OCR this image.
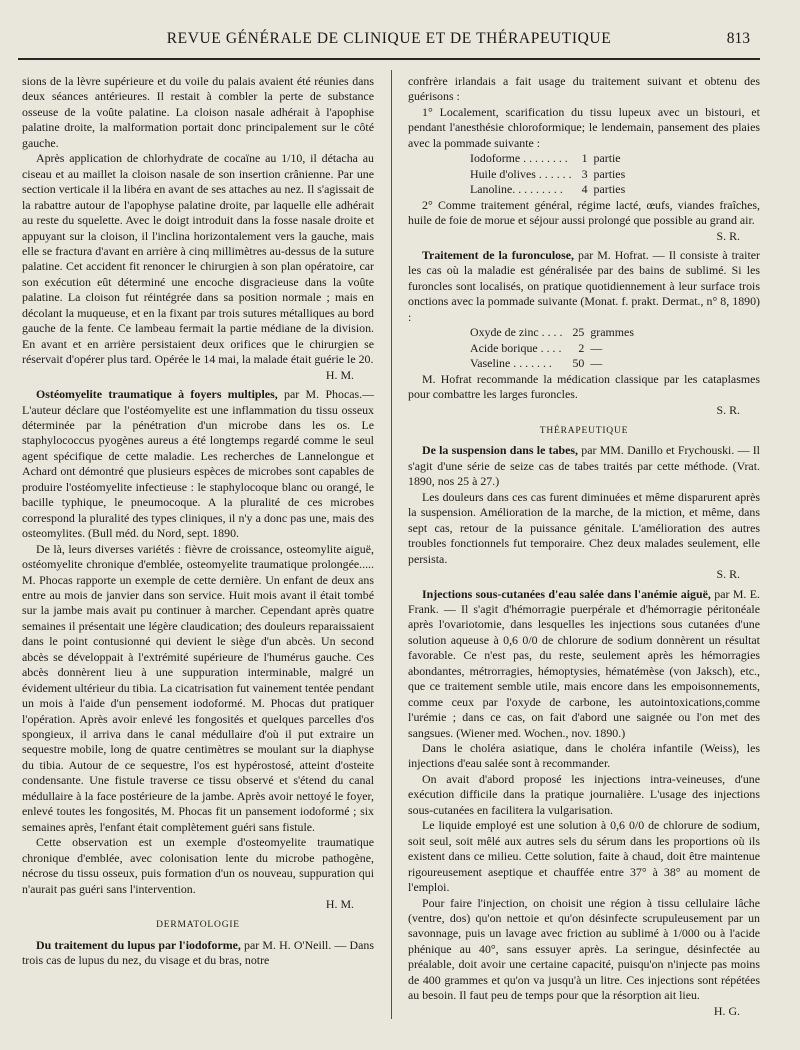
REVUE GÉNÉRALE DE CLINIQUE ET DE THÉRAPEUTIQUE	813

sions de la lèvre supérieure et du voile du palais avaient été réunies dans deux séances antérieures. Il restait à combler la perte de substance osseuse de la voûte palatine. La cloison nasale adhérait à l'apophise palatine droite, la malformation portait donc principalement sur le côté gauche.

Après application de chlorhydrate de cocaïne au 1/10, il détacha au ciseau et au maillet la cloison nasale de son insertion crânienne. Par une section verticale il la libéra en avant de ses attaches au nez. Il s'agissait de la rabattre autour de l'apophyse palatine droite, par laquelle elle adhérait au reste du squelette. Avec le doigt introduit dans la fosse nasale droite et appuyant sur la cloison, il l'inclina horizontalement vers la gauche, mais elle se fractura d'avant en arrière à cinq millimètres au-dessus de la suture palatine. Cet accident fit renoncer le chirurgien à son plan opératoire, car son exécution eût déterminé une encoche disgracieuse dans la voûte palatine. La cloison fut réintégrée dans sa position normale ; mais en décolant la muqueuse, et en la fixant par trois sutures métalliques au bord gauche de la fente. Ce lambeau fermait la partie médiane de la division. En avant et en arrière persistaient deux orifices que le chirurgien se réservait d'opérer plus tard. Opérée le 14 mai, la malade était guérie le 20.
H. M.

Ostéomyelite traumatique à foyers multiples, par M. Phocas.— L'auteur déclare que l'ostéomyelite est une inflammation du tissu osseux déterminée par la pénétration d'un microbe dans les os. Le staphylococcus pyogènes aureus a été longtemps regardé comme le seul agent spécifique de cette maladie. Les recherches de Lannelongue et Achard ont démontré que plusieurs espèces de microbes sont capables de produire l'ostéomyelite infectieuse : le staphylocoque blanc ou orangé, le bacille typhique, le pneumocoque. A la pluralité de ces microbes correspond la pluralité des types cliniques, il n'y a donc pas une, mais des osteomylites. (Bull méd. du Nord, sept. 1890.

De là, leurs diverses variétés : fièvre de croissance, osteomylite aiguë, ostéomyelite chronique d'emblée, osteomyelite traumatique prolongée..... M. Phocas rapporte un exemple de cette dernière. Un enfant de deux ans entre au mois de janvier dans son service. Huit mois avant il était tombé sur la jambe mais avait pu continuer à marcher. Cependant après quatre semaines il présentait une légère claudication; des douleurs reparaissaient dans le point contusionné qui devient le siège d'un abcès. Un second abcès se développait à l'extrémité supérieure de l'humérus gauche. Ces abcès donnèrent lieu à une suppuration interminable, malgré un évidement ultérieur du tibia. La cicatrisation fut vainement tentée pendant un mois à l'aide d'un pensement iodoformé. M. Phocas dut pratiquer l'opération. Après avoir enlevé les fongosités et quelques parcelles d'os spongieux, il arriva dans le canal médullaire d'où il put extraire un sequestre mobile, long de quatre centimètres se moulant sur la diaphyse du tibia. Autour de ce sequestre, l'os est hypérostosé, atteint d'osteite condensante. Une fistule traverse ce tissu observé et s'étend du canal médullaire à la face postérieure de la jambe. Après avoir nettoyé le foyer, enlevé toutes les fongosités, M. Phocas fit un pansement iodoformé ; six semaines après, l'enfant était complètement guéri sans fistule.

Cette observation est un exemple d'osteomyelite traumatique chronique d'emblée, avec colonisation lente du microbe pathogène, nécrose du tissu osseux, puis formation d'un os nouveau, suppuration qui n'aurait pas guéri sans l'intervention.

H. M.
DERMATOLOGIE

Du traitement du lupus par l'iodoforme, par M. H. O'Neill. — Dans trois cas de lupus du nez, du visage et du bras, notre

confrère irlandais a fait usage du traitement suivant et obtenu des guérisons :

1° Localement, scarification du tissu lupeux avec un bistouri, et pendant l'anesthésie chloroformique; le lendemain, pansement des plaies avec la pommade suivante :

Iodoforme . . . . . . . .	1	partie
Huile d'olives . . . . . .	3	parties
Lanoline. . . . . . . . .	4	parties

2° Comme traitement général, régime lacté, œufs, viandes fraîches, huile de foie de morue et séjour aussi prolongé que possible au grand air.
S. R.

Traitement de la furonculose, par M. Hofrat. — Il consiste à traiter les cas où la maladie est généralisée par des bains de sublimé. Si les furoncles sont localisés, on pratique quotidiennement à leur surface trois onctions avec la pommade suivante (Monat. f. prakt. Dermat., n° 8, 1890) :

Oxyde de zinc . . . .	25	grammes
Acide borique . . . .	2	—
Vaseline . . . . . . .	50	—

M. Hofrat recommande la médication classique par les cataplasmes pour combattre les larges furoncles.
S. R.

THÉRAPEUTIQUE

De la suspension dans le tabes, par MM. Danillo et Frychouski. — Il s'agit d'une série de seize cas de tabes traités par cette méthode. (Vrat. 1890, nos 25 à 27.)

Les douleurs dans ces cas furent diminuées et même disparurent après la suspension. Amélioration de la marche, de la miction, et même, dans sept cas, retour de la puissance génitale. L'amélioration des autres troubles fonctionnels fut temporaire. Chez deux malades seulement, elle persista.
S. R.

Injections sous-cutanées d'eau salée dans l'anémie aiguë, par M. E. Frank. — Il s'agit d'hémorragie puerpérale et d'hémorragie péritonéale après l'ovariotomie, dans lesquelles les injections sous cutanées d'une solution aqueuse à 0,6 0/0 de chlorure de sodium donnèrent un résultat favorable. Ce n'est pas, du reste, seulement après les hémorragies abondantes, métrorragies, hémoptysies, hématémèse (von Jaksch), etc., que ce traitement semble utile, mais encore dans les empoisonnements, comme ceux par l'oxyde de carbone, les autointoxications,comme l'urémie ; dans ce cas, on fait d'abord une saignée ou l'on met des sangsues. (Wiener med. Wochen., nov. 1890.)

Dans le choléra asiatique, dans le choléra infantile (Weiss), les injections d'eau salée sont à recommander.

On avait d'abord proposé les injections intra-veineuses, d'une exécution difficile dans la pratique journalière. L'usage des injections sous-cutanées en facilitera la vulgarisation.

Le liquide employé est une solution à 0,6 0/0 de chlorure de sodium, soit seul, soit mêlé aux autres sels du sérum dans les proportions où ils existent dans ce milieu. Cette solution, faite à chaud, doit être maintenue rigoureusement aseptique et chauffée entre 37° à 38° au moment de l'emploi.

Pour faire l'injection, on choisit une région à tissu cellulaire lâche (ventre, dos) qu'on nettoie et qu'on désinfecte scrupuleusement par un savonnage, puis un lavage avec friction au sublimé à 1/000 ou à l'acide phénique au 40°, sans essuyer après. La seringue, désinfectée au préalable, doit avoir une certaine capacité, puisqu'on n'injecte pas moins de 400 grammes et qu'on va jusqu'à un litre. Ces injections sont répétées au besoin. Il faut peu de temps pour que la résorption ait lieu.

H. G.
